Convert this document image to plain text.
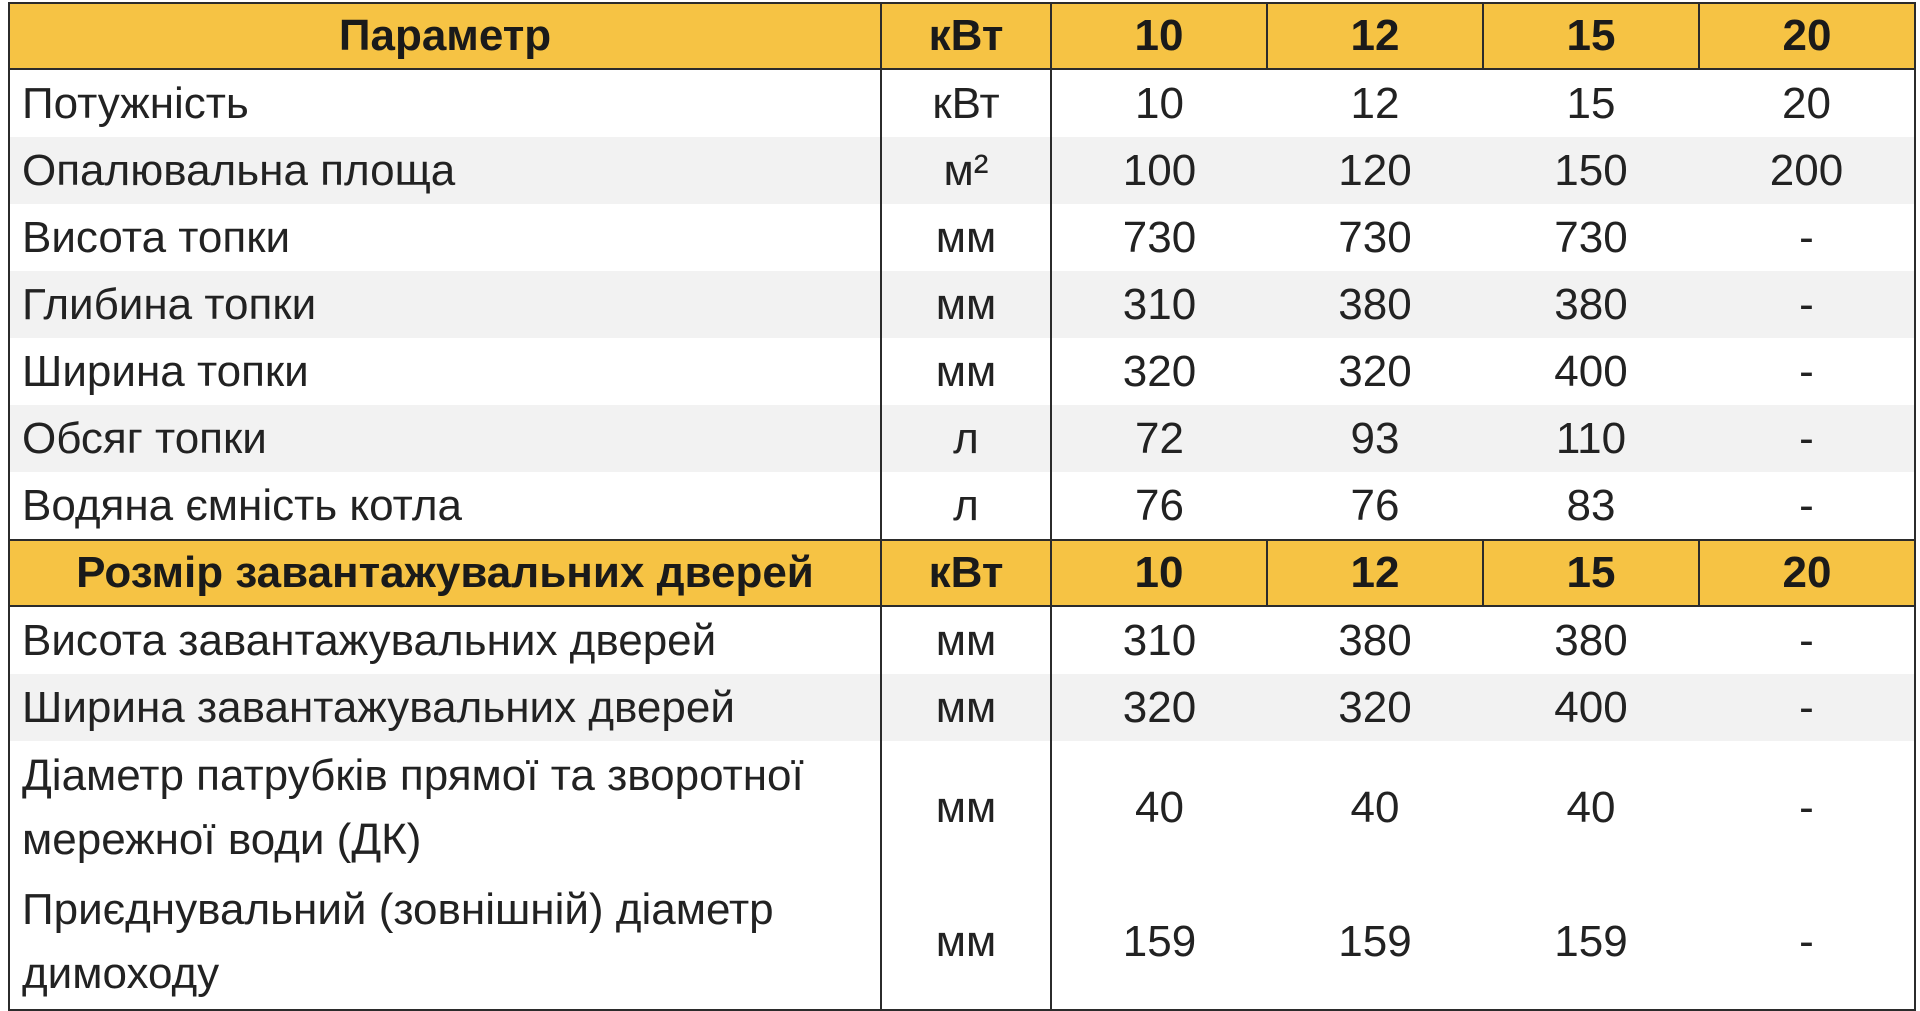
Параметр	кВт	10	12	15	20
Потужність	кВт	10	12	15	20
Опалювальна площа	м²	100	120	150	200
Висота топки	мм	730	730	730	-
Глибина топки	мм	310	380	380	-
Ширина топки	мм	320	320	400	-
Обсяг топки	л	72	93	110	-
Водяна ємність котла	л	76	76	83	-
Розмір завантажувальних дверей	кВт	10	12	15	20
Висота завантажувальних дверей	мм	310	380	380	-
Ширина завантажувальних дверей	мм	320	320	400	-
Діаметр патрубків прямої та зворотної мережної води (ДК)	мм	40	40	40	-
Приєднувальний (зовнішній) діаметр димоходу	мм	159	159	159	-
